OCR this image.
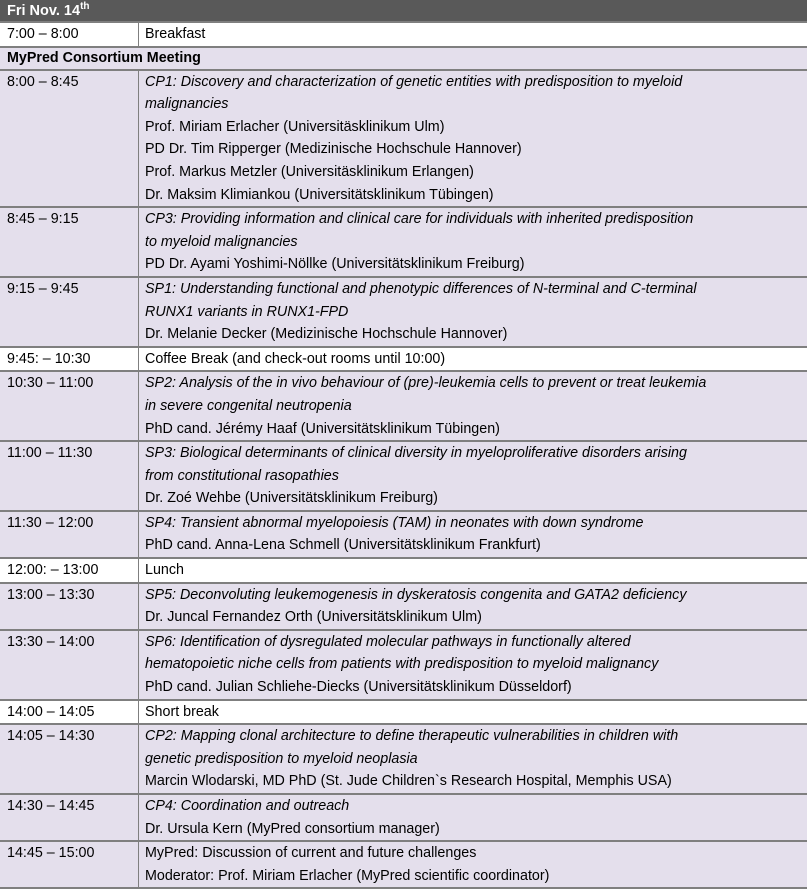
Fri Nov. 14th
7:00 – 8:00	Breakfast
MyPred Consortium Meeting
8:00 – 8:45	CP1: Discovery and characterization of genetic entities with predisposition to myeloid
malignancies
Prof. Miriam Erlacher (Universitäsklinikum Ulm)
PD Dr. Tim Ripperger (Medizinische Hochschule Hannover)
Prof. Markus Metzler (Universitäsklinikum Erlangen)
Dr. Maksim Klimiankou (Universitätsklinikum Tübingen)
8:45 – 9:15	CP3: Providing information and clinical care for individuals with inherited predisposition
to myeloid malignancies
PD Dr. Ayami Yoshimi-Nöllke (Universitätsklinikum Freiburg)
9:15 – 9:45	SP1: Understanding functional and phenotypic differences of N-terminal and C-terminal
RUNX1 variants in RUNX1-FPD
Dr. Melanie Decker (Medizinische Hochschule Hannover)
9:45: – 10:30	Coffee Break (and check-out rooms until 10:00)
10:30 – 11:00	SP2: Analysis of the in vivo behaviour of (pre)-leukemia cells to prevent or treat leukemia
in severe congenital neutropenia
PhD cand. Jérémy Haaf (Universitätsklinikum Tübingen)
11:00 – 11:30	SP3: Biological determinants of clinical diversity in myeloproliferative disorders arising
from constitutional rasopathies
Dr. Zoé Wehbe (Universitätsklinikum Freiburg)
11:30 – 12:00	SP4: Transient abnormal myelopoiesis (TAM) in neonates with down syndrome
PhD cand. Anna-Lena Schmell (Universitätsklinikum Frankfurt)
12:00: – 13:00	Lunch
13:00 – 13:30	SP5: Deconvoluting leukemogenesis in dyskeratosis congenita and GATA2 deficiency
Dr. Juncal Fernandez Orth (Universitätsklinikum Ulm)
13:30 – 14:00	SP6: Identification of dysregulated molecular pathways in functionally altered
hematopoietic niche cells from patients with predisposition to myeloid malignancy
PhD cand. Julian Schliehe-Diecks (Universitätsklinikum Düsseldorf)
14:00 – 14:05	Short break
14:05 – 14:30	CP2: Mapping clonal architecture to define therapeutic vulnerabilities in children with
genetic predisposition to myeloid neoplasia
Marcin Wlodarski, MD PhD (St. Jude Children`s Research Hospital, Memphis USA)
14:30 – 14:45	CP4: Coordination and outreach
Dr. Ursula Kern (MyPred consortium manager)
14:45 – 15:00	MyPred: Discussion of current and future challenges
Moderator: Prof. Miriam Erlacher (MyPred scientific coordinator)
